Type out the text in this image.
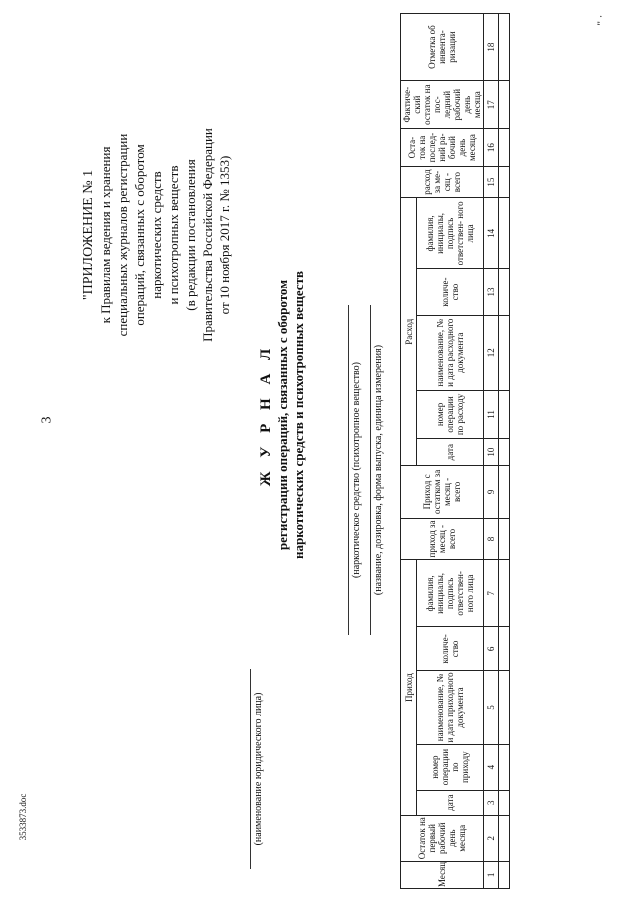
3
" ·
3533873.doc
"ПРИЛОЖЕНИЕ № 1 к Правилам ведения и хранения специальных журналов регистрации операций, связанных с оборотом наркотических средств и психотропных веществ (в редакции постановления Правительства Российской Федерации от 10 ноября 2017 г. № 1353)
(наименование юридического лица)
Ж У Р Н А Л регистрации операций, связанных с оборотом наркотических средств и психотропных веществ	(наркотическое средство (психотропное вещество)	(название, дозировка, форма выпуска, единица измерения)
Месяц	Остаток на первый рабочий день месяца	Приход					приход за месяц - всего	Приход с остатком за месяц - всего	Расход					расход за ме- сяц - всего	Оста- ток на послед- ний ра- бочий день месяца	Фактиче- ский остаток на пос- ледний рабочий день месяца	Отметка об инвента- ризации
		дата	номер операции по приходу	наименование, № и дата приходного документа	количе- ство	фамилия, инициалы, подпись ответствен- ного лица			дата	номер операции по расходу	наименование, № и дата расходного документа	количе- ство	фамилия, инициалы, подпись ответствен- ного лица				
1	2	3	4	5	6	7	8	9	10	11	12	13	14	15	16	17	18
